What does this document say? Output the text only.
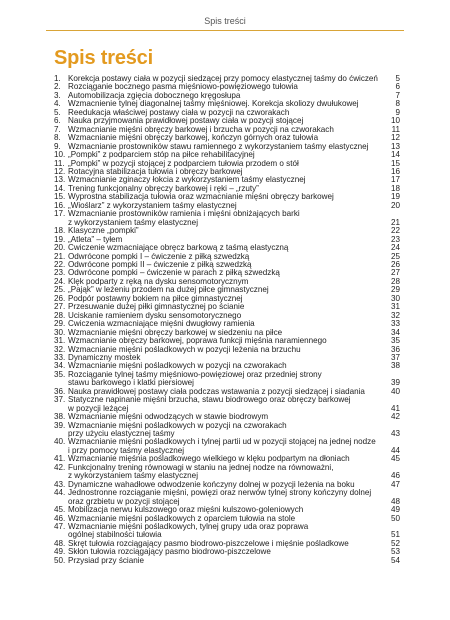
Spis treści
Spis treści
1. Korekcja postawy ciała w pozycji siedzącej przy pomocy elastycznej taśmy do ćwiczeń	5
2. Rozciąganie bocznego pasma mięśniowo-powięziowego tułowia	6
3. Automobilizacja zgięcia dobocznego kręgosłupa	7
4. Wzmacnienie tylnej diagonalnej taśmy mięśniowej. Korekcja skoliozy dwułukowej	8
5. Reedukacja właściwej postawy ciała w pozycji na czworakach	9
6. Nauka przyjmowania prawidłowej postawy ciała w pozycji stojącej	10
7. Wzmacnianie mięśni obręczy barkowej i brzucha w pozycji na czworakach	11
8. Wzmacnianie mięśni obręczy barkowej, kończyn górnych oraz tułowia	12
9. Wzmacnianie prostowników stawu ramiennego z wykorzystaniem taśmy elastycznej	13
10. „Pompki” z podparciem stóp na piłce rehabilitacyjnej	14
11. „Pompki” w pozycji stojącej z podparciem tułowia przodem o stół	15
12. Rotacyjna stabilizacja tułowia i obręczy barkowej	16
13. Wzmacnianie zginaczy łokcia z wykorzystaniem taśmy elastycznej	17
14. Trening funkcjonalny obręczy barkowej i ręki – „rzuty”	18
15. Wyprostna stabilizacja tułowia oraz wzmacnianie mięśni obręczy barkowej	19
16. „Wioślarz” z wykorzystaniem taśmy elastycznej	20
17. Wzmacnianie prostowników ramienia i mięśni obniżających barki
z wykorzystaniem taśmy elastycznej	21
18. Klasyczne „pompki”	22
19. „Atleta” – tyłem	23
20. Ćwiczenie wzmacniające obręcz barkową z taśmą elastyczną	24
21. Odwrócone pompki I – ćwiczenie z piłką szwedzką	25
22. Odwrócone pompki II – ćwiczenie z piłką szwedzką	26
23. Odwrócone pompki – ćwiczenie w parach z piłką szwedzką	27
24. Klęk podparty z ręką na dysku sensomotorycznym	28
25. „Pająk” w leżeniu przodem na dużej piłce gimnastycznej	29
26. Podpór postawny bokiem na piłce gimnastycznej	30
27. Przesuwanie dużej piłki gimnastycznej po ścianie	31
28. Uciskanie ramieniem dysku sensomotorycznego	32
29. Ćwiczenia wzmacniające mięśni dwugłowy ramienia	33
30. Wzmacnianie mięśni obręczy barkowej w siedzeniu na piłce	34
31. Wzmacnianie obręczy barkowej, poprawa funkcji mięśnia naramiennego	35
32. Wzmacnianie mięśni pośladkowych w pozycji leżenia na brzuchu	36
33. Dynamiczny mostek	37
34. Wzmacnianie mięśni pośladkowych w pozycji na czworakach	38
35. Rozciąganie tylnej taśmy mięśniowo-powięziowej oraz przedniej strony
stawu barkowego i klatki piersiowej	39
36. Nauka prawidłowej postawy ciała podczas wstawania z pozycji siedzącej i siadania	40
37. Statyczne napinanie mięśni brzucha, stawu biodrowego oraz obręczy barkowej
w pozycji leżącej	41
38. Wzmacnianie mięśni odwodzących w stawie biodrowym	42
39. Wzmacnianie mięśni pośladkowych w pozycji na czworakach
przy użyciu elastycznej taśmy	43
40. Wzmacnianie mięśni pośladkowych i tylnej partii ud w pozycji stojącej na jednej nodze
i przy pomocy taśmy elastycznej	44
41. Wzmacnianie mięśnia pośladkowego wielkiego w klęku podpartym na dłoniach	45
42. Funkcjonalny trening równowagi w staniu na jednej nodze na równoważni,
z wykorzystaniem taśmy elastycznej	46
43. Dynamiczne wahadłowe odwodzenie kończyny dolnej w pozycji leżenia na boku	47
44. Jednostronne rozciąganie mięśni, powięzi oraz nerwów tylnej strony kończyny dolnej
oraz grzbietu w pozycji stojącej	48
45. Mobilizacja nerwu kulszowego oraz mięśni kulszowo-goleniowych	49
46. Wzmacnianie mięśni pośladkowych z oparciem tułowia na stole	50
47. Wzmacnianie mięśni pośladkowych, tylnej grupy uda oraz poprawa
ogólnej stabilności tułowia	51
48. Skręt tułowia rozciągający pasmo biodrowo-piszczelowe i mięśnie pośladkowe	52
49. Skłon tułowia rozciągający pasmo biodrowo-piszczelowe	53
50. Przysiad przy ścianie	54
